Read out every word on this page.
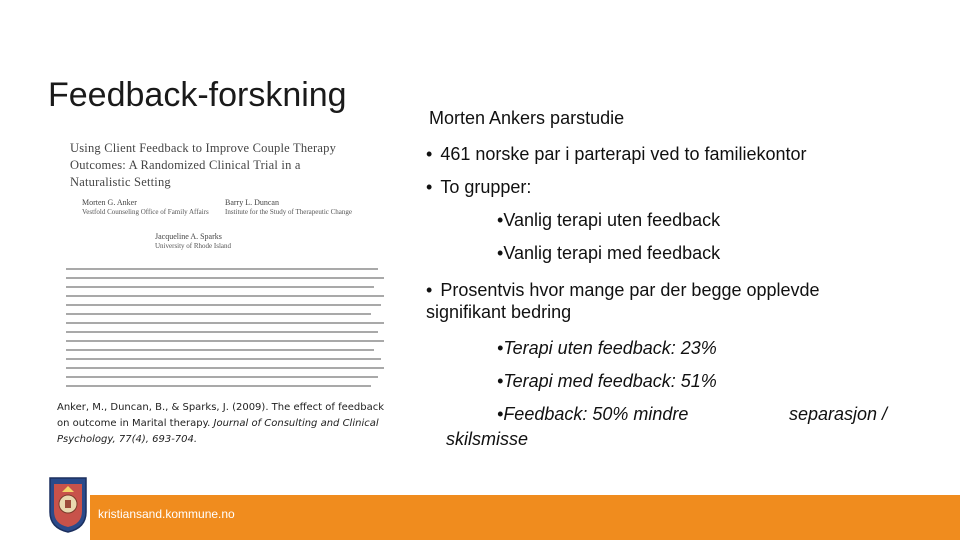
Feedback-forskning
Using Client Feedback to Improve Couple Therapy Outcomes: A Randomized Clinical Trial in a Naturalistic Setting
Morten G. Anker
Vestfold Counseling Office of Family Affairs
Barry L. Duncan
Institute for the Study of Therapeutic Change
Jacqueline A. Sparks
University of Rhode Island
Anker, M., Duncan, B., & Sparks, J. (2009). The effect of feedback on outcome in Marital therapy. Journal of Consulting and Clinical Psychology, 77(4), 693-704.
Morten Ankers parstudie
• 461 norske par i parterapi ved to familiekontor
• To grupper:
•Vanlig terapi uten feedback
•Vanlig terapi med feedback
• Prosentvis hvor mange par der begge opplevde signifikant bedring
•Terapi uten feedback: 23%
•Terapi med feedback: 51%
•Feedback: 50% mindre	separasjon /
skilsmisse
kristiansand.kommune.no
